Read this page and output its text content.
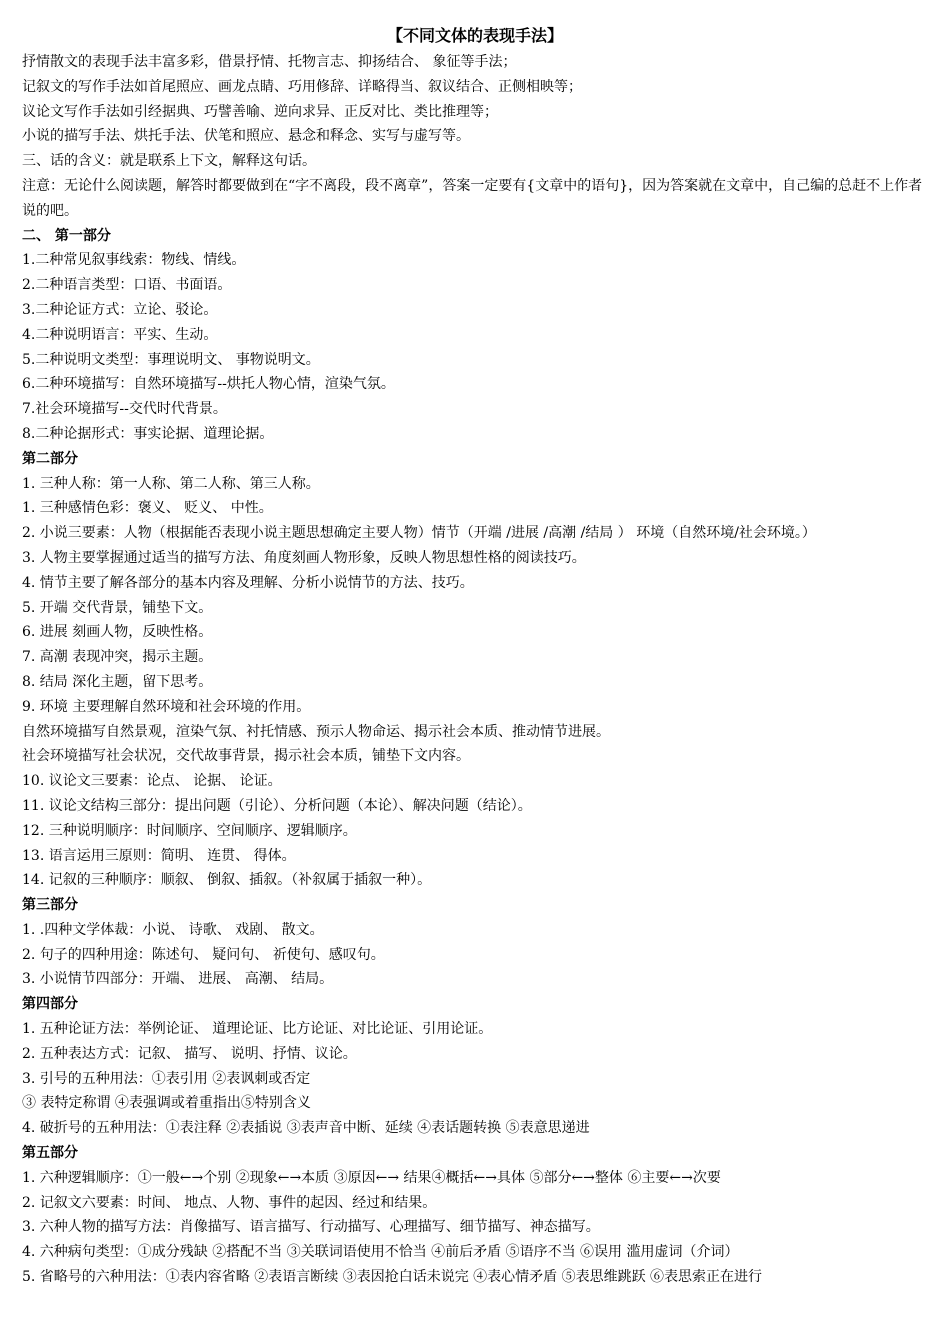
【不同文体的表现手法】
抒情散文的表现手法丰富多彩，借景抒情、托物言志、抑扬结合、 象征等手法；
记叙文的写作手法如首尾照应、画龙点睛、巧用修辞、详略得当、叙议结合、正侧相映等；
议论文写作手法如引经据典、巧譬善喻、逆向求异、正反对比、类比推理等；
小说的描写手法、烘托手法、伏笔和照应、悬念和释念、实写与虚写等。
三、话的含义：就是联系上下文，解释这句话。
注意：无论什么阅读题，解答时都要做到在“字不离段，段不离章”，答案一定要有{文章中的语句}，因为答案就在文章中，自己编的总赶不上作者说的吧。
二、 第一部分
1.二种常见叙事线索：物线、情线。
2.二种语言类型：口语、书面语。
3.二种论证方式：立论、驳论。
4.二种说明语言：平实、生动。
5.二种说明文类型：事理说明文、 事物说明文。
6.二种环境描写：自然环境描写--烘托人物心情，渲染气氛。
7.社会环境描写--交代时代背景。
8.二种论据形式：事实论据、道理论据。
第二部分
1. 三种人称：第一人称、第二人称、第三人称。
1. 三种感情色彩：褒义、 贬义、 中性。
2. 小说三要素：人物（根据能否表现小说主题思想确定主要人物）情节（开端 /进展 /高潮 /结局 ） 环境（自然环境/社会环境。）
3. 人物主要掌握通过适当的描写方法、角度刻画人物形象，反映人物思想性格的阅读技巧。
4. 情节主要了解各部分的基本内容及理解、分析小说情节的方法、技巧。
5. 开端 交代背景，铺垫下文。
6. 进展 刻画人物，反映性格。
7. 高潮 表现冲突，揭示主题。
8. 结局 深化主题，留下思考。
9. 环境 主要理解自然环境和社会环境的作用。
自然环境描写自然景观，渲染气氛、衬托情感、预示人物命运、揭示社会本质、推动情节进展。
社会环境描写社会状况，交代故事背景，揭示社会本质，铺垫下文内容。
10. 议论文三要素：论点、 论据、 论证。
11. 议论文结构三部分：提出问题（引论）、分析问题（本论）、解决问题（结论）。
12. 三种说明顺序：时间顺序、空间顺序、逻辑顺序。
13. 语言运用三原则：简明、 连贯、 得体。
14. 记叙的三种顺序：顺叙、 倒叙、插叙。（补叙属于插叙一种）。
第三部分
1. .四种文学体裁：小说、 诗歌、 戏剧、 散文。
2. 句子的四种用途：陈述句、 疑问句、 祈使句、感叹句。
3. 小说情节四部分：开端、 进展、 高潮、 结局。
第四部分
1. 五种论证方法：举例论证、 道理论证、比方论证、对比论证、引用论证。
2. 五种表达方式：记叙、 描写、 说明、抒情、议论。
3. 引号的五种用法：①表引用 ②表讽刺或否定
③ 表特定称谓 ④表强调或着重指出⑤特别含义
4. 破折号的五种用法：①表注释 ②表插说 ③表声音中断、延续 ④表话题转换 ⑤表意思递进
第五部分
1. 六种逻辑顺序：①一般←→个别 ②现象←→本质 ③原因←→ 结果④概括←→具体 ⑤部分←→整体 ⑥主要←→次要
2. 记叙文六要素：时间、 地点、人物、事件的起因、经过和结果。
3. 六种人物的描写方法：肖像描写、语言描写、行动描写、心理描写、细节描写、神态描写。
4. 六种病句类型：①成分残缺 ②搭配不当 ③关联词语使用不恰当 ④前后矛盾 ⑤语序不当 ⑥误用 滥用虚词（介词）
5. 省略号的六种用法：①表内容省略 ②表语言断续 ③表因抢白话未说完 ④表心情矛盾 ⑤表思维跳跃 ⑥表思索正在进行
